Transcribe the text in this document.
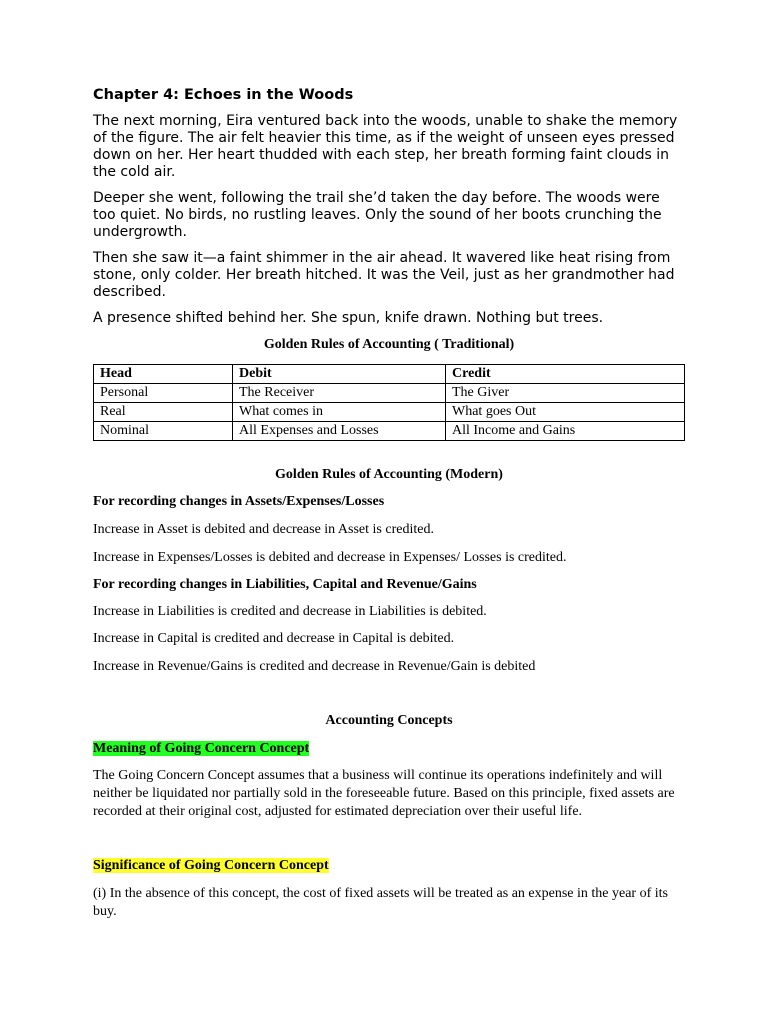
Chapter 4: Echoes in the Woods

The next morning, Eira ventured back into the woods, unable to shake the memory of the figure. The air felt heavier this time, as if the weight of unseen eyes pressed down on her. Her heart thudded with each step, her breath forming faint clouds in the cold air.

Deeper she went, following the trail she’d taken the day before. The woods were too quiet. No birds, no rustling leaves. Only the sound of her boots crunching the undergrowth.

Then she saw it—a faint shimmer in the air ahead. It wavered like heat rising from stone, only colder. Her breath hitched. It was the Veil, just as her grandmother had described.

A presence shifted behind her. She spun, knife drawn. Nothing but trees.

Golden Rules of Accounting ( Traditional)

Head	Debit	Credit
Personal	The Receiver	The Giver
Real	What comes in	What goes Out
Nominal	All Expenses and Losses	All Income and Gains

Golden Rules of Accounting (Modern)

For recording changes in Assets/Expenses/Losses

Increase in Asset is debited and decrease in Asset is credited.

Increase in Expenses/Losses is debited and decrease in Expenses/ Losses is credited.

For recording changes in Liabilities, Capital and Revenue/Gains

Increase in Liabilities is credited and decrease in Liabilities is debited.

Increase in Capital is credited and decrease in Capital is debited.

Increase in Revenue/Gains is credited and decrease in Revenue/Gain is debited

Accounting Concepts

Meaning of Going Concern Concept

The Going Concern Concept assumes that a business will continue its operations indefinitely and will neither be liquidated nor partially sold in the foreseeable future. Based on this principle, fixed assets are recorded at their original cost, adjusted for estimated depreciation over their useful life.

Significance of Going Concern Concept

(i) In the absence of this concept, the cost of fixed assets will be treated as an expense in the year of its buy.
